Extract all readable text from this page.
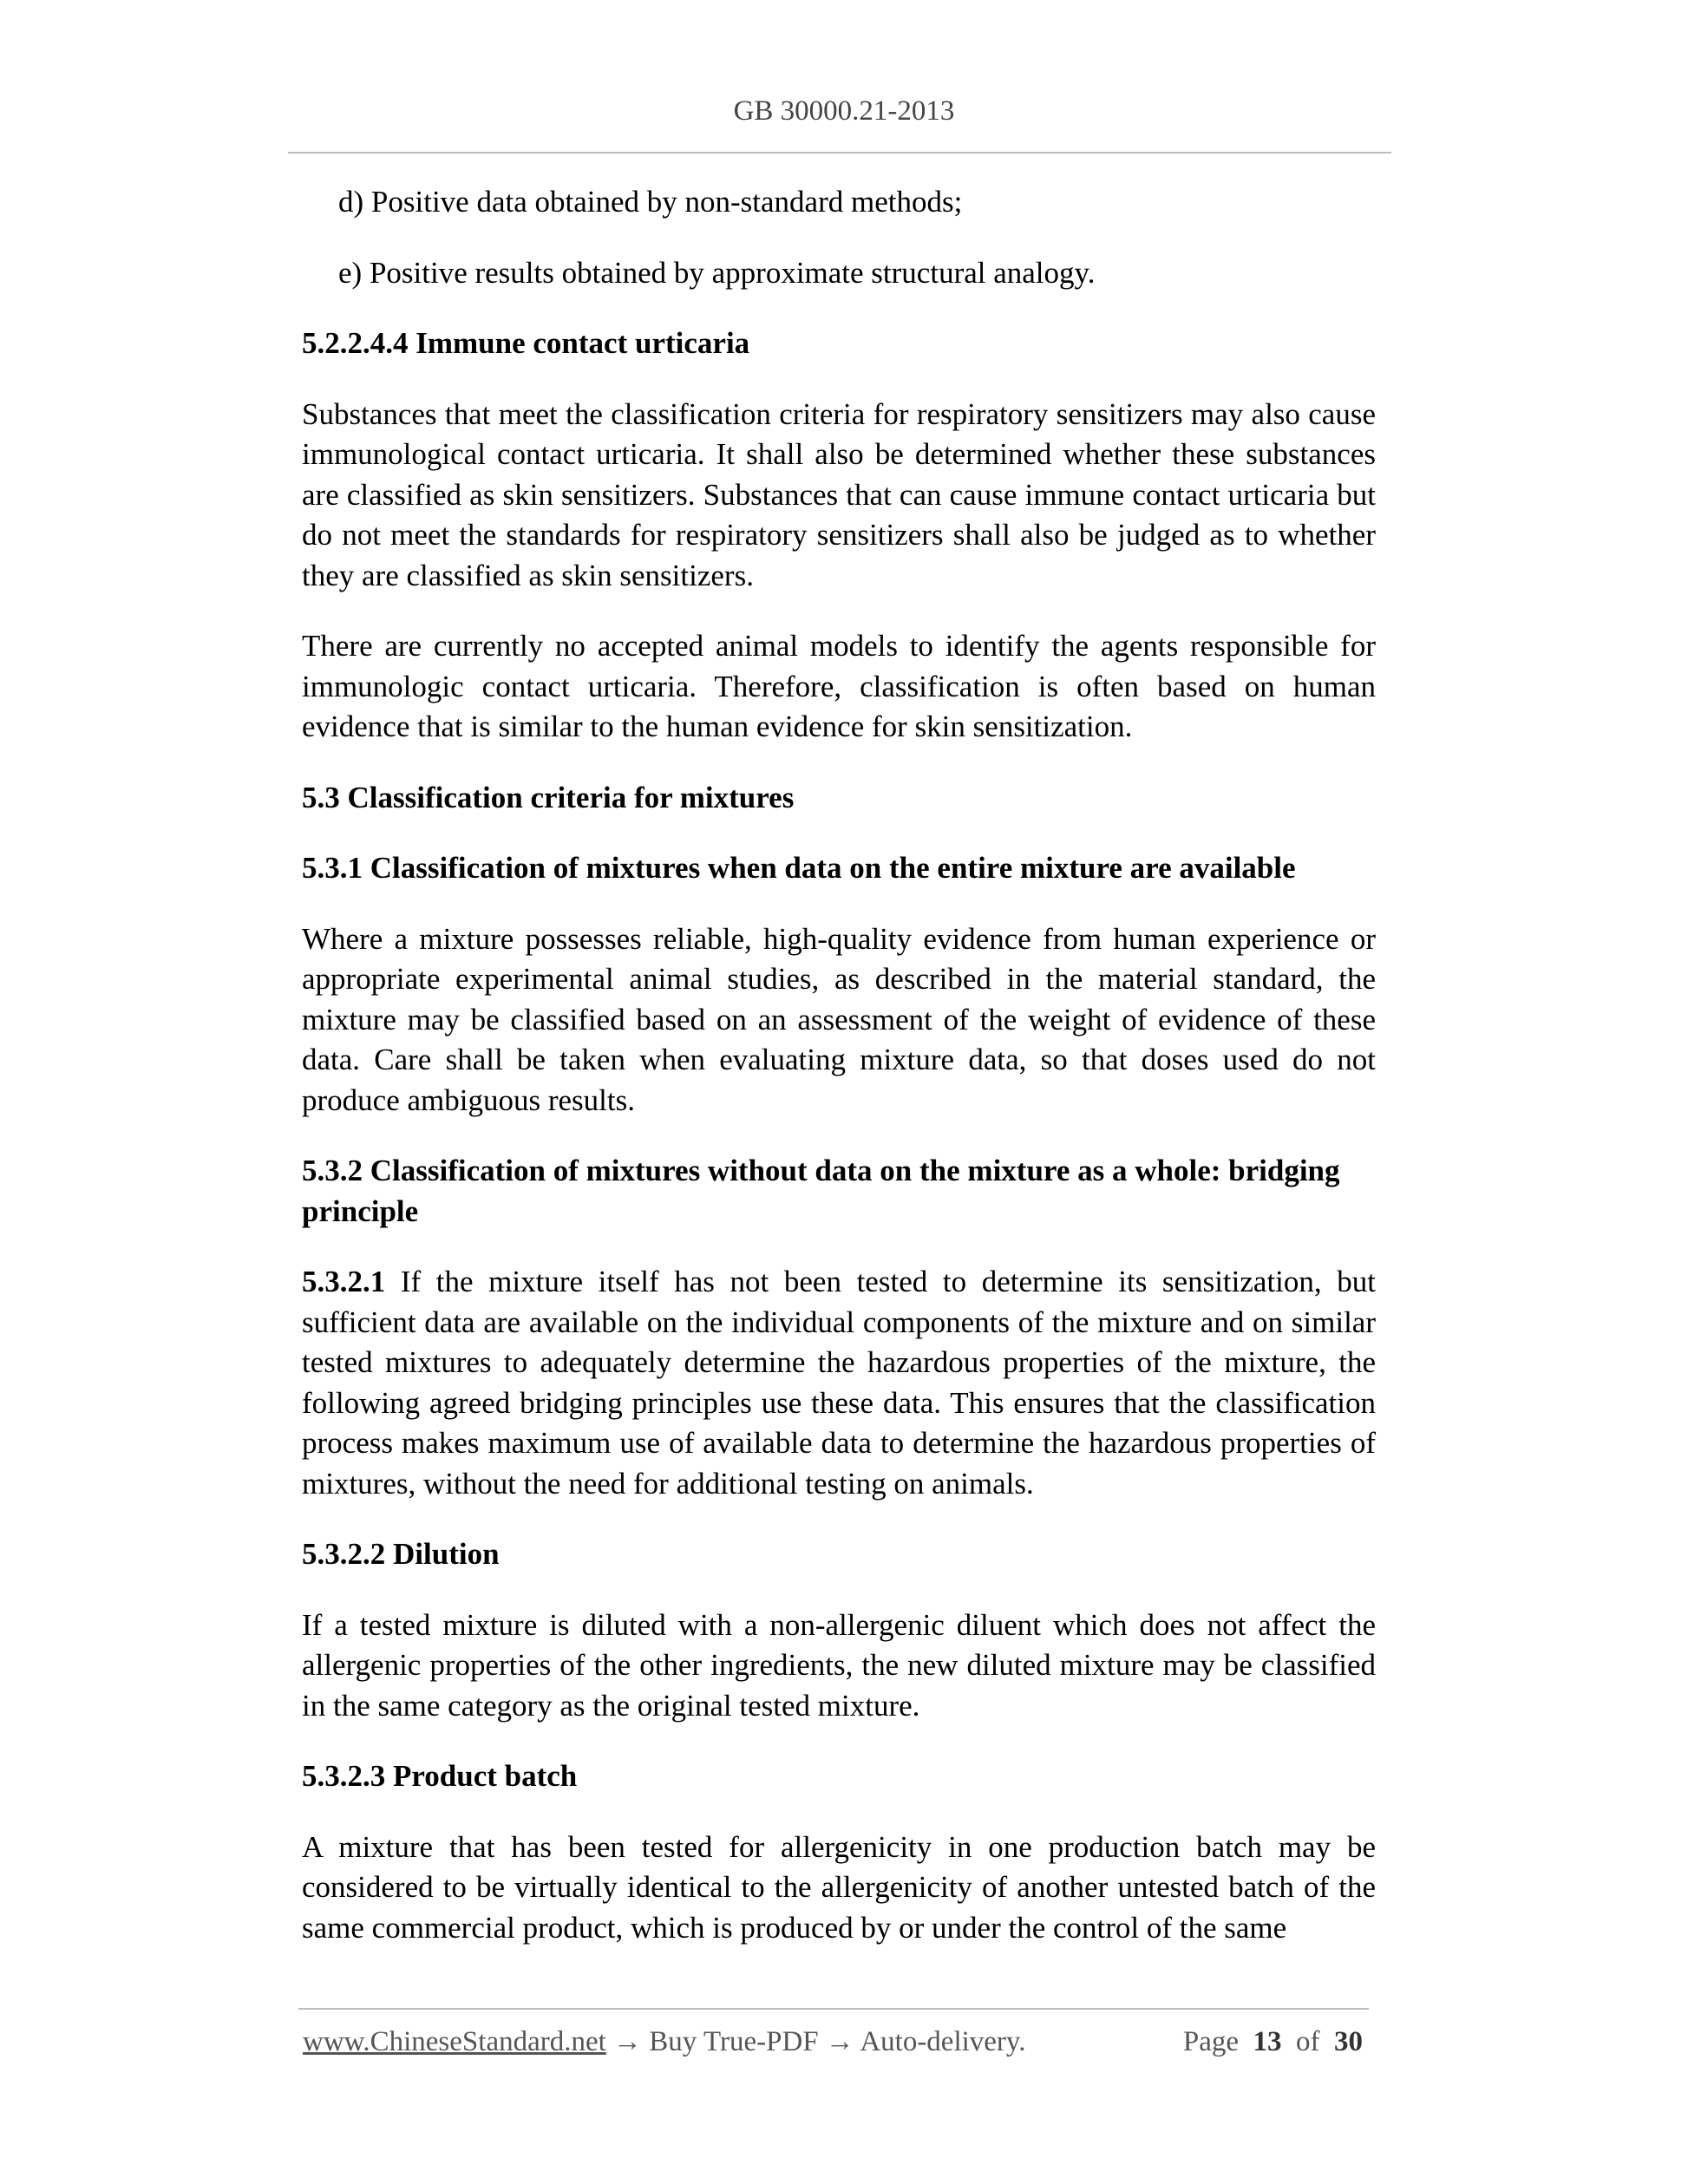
GB 30000.21-2013

d) Positive data obtained by non-standard methods;

e) Positive results obtained by approximate structural analogy.

5.2.2.4.4 Immune contact urticaria

Substances that meet the classification criteria for respiratory sensitizers may also cause immunological contact urticaria. It shall also be determined whether these substances are classified as skin sensitizers. Substances that can cause immune contact urticaria but do not meet the standards for respiratory sensitizers shall also be judged as to whether they are classified as skin sensitizers.

There are currently no accepted animal models to identify the agents responsible for immunologic contact urticaria. Therefore, classification is often based on human evidence that is similar to the human evidence for skin sensitization.

5.3 Classification criteria for mixtures

5.3.1 Classification of mixtures when data on the entire mixture are available

Where a mixture possesses reliable, high-quality evidence from human experience or appropriate experimental animal studies, as described in the material standard, the mixture may be classified based on an assessment of the weight of evidence of these data. Care shall be taken when evaluating mixture data, so that doses used do not produce ambiguous results.

5.3.2 Classification of mixtures without data on the mixture as a whole: bridging principle

5.3.2.1 If the mixture itself has not been tested to determine its sensitization, but sufficient data are available on the individual components of the mixture and on similar tested mixtures to adequately determine the hazardous properties of the mixture, the following agreed bridging principles use these data. This ensures that the classification process makes maximum use of available data to determine the hazardous properties of mixtures, without the need for additional testing on animals.

5.3.2.2 Dilution

If a tested mixture is diluted with a non-allergenic diluent which does not affect the allergenic properties of the other ingredients, the new diluted mixture may be classified in the same category as the original tested mixture.

5.3.2.3 Product batch

A mixture that has been tested for allergenicity in one production batch may be considered to be virtually identical to the allergenicity of another untested batch of the same commercial product, which is produced by or under the control of the same

www.ChineseStandard.net → Buy True-PDF → Auto-delivery.	Page 13 of 30
